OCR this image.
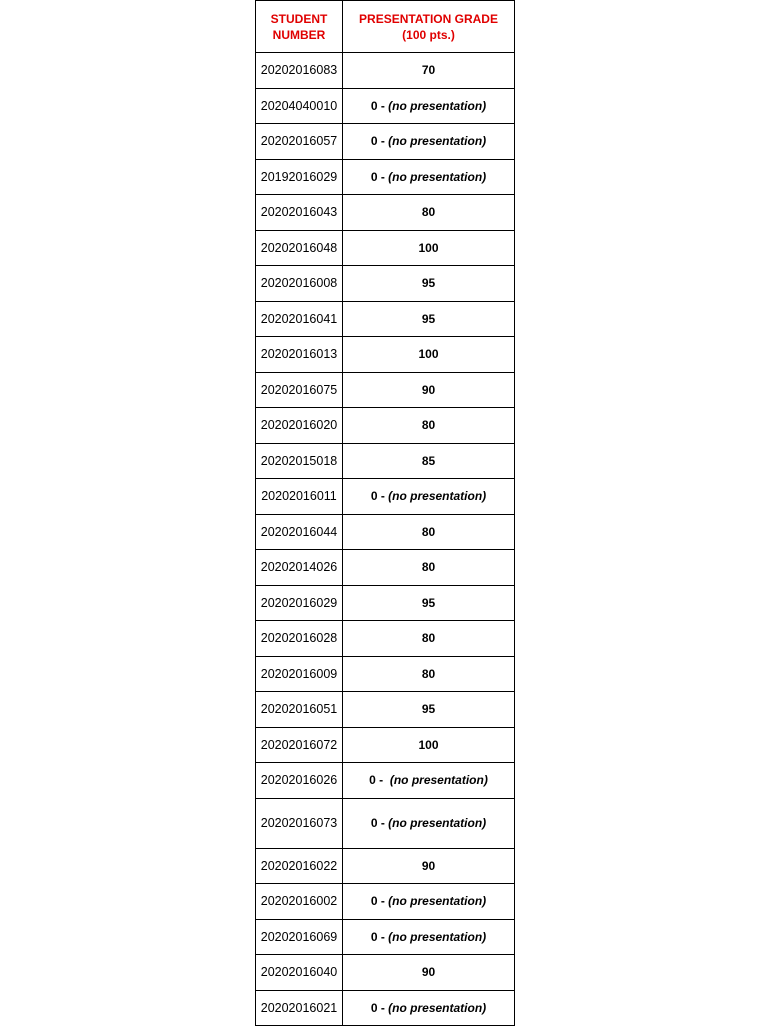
STUDENT NUMBER	PRESENTATION GRADE
(100 pts.)

20202016083	70
20204040010	0 - (no presentation)
20202016057	0 - (no presentation)
20192016029	0 - (no presentation)
20202016043	80
20202016048	100
20202016008	95
20202016041	95
20202016013	100
20202016075	90
20202016020	80
20202015018	85
20202016011	0 - (no presentation)
20202016044	80
20202014026	80
20202016029	95
20202016028	80
20202016009	80
20202016051	95
20202016072	100
20202016026	0 -  (no presentation)
20202016073	0 - (no presentation)
20202016022	90
20202016002	0 - (no presentation)
20202016069	0 - (no presentation)
20202016040	90
20202016021	0 - (no presentation)
